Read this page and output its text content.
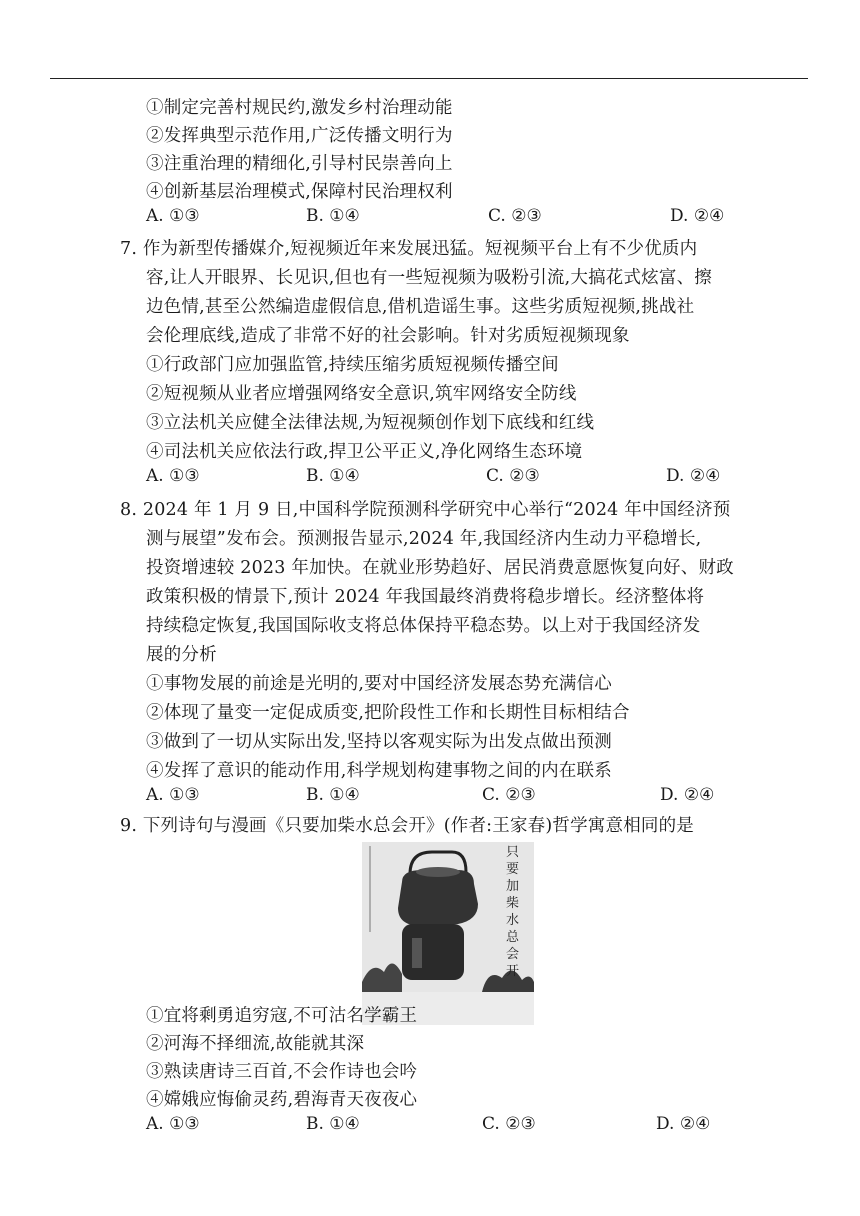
①制定完善村规民约,激发乡村治理动能
②发挥典型示范作用,广泛传播文明行为
③注重治理的精细化,引导村民崇善向上
④创新基层治理模式,保障村民治理权利
A. ①③	B. ①④	C. ②③	D. ②④
7. 作为新型传播媒介,短视频近年来发展迅猛。短视频平台上有不少优质内
容,让人开眼界、长见识,但也有一些短视频为吸粉引流,大搞花式炫富、擦
边色情,甚至公然编造虚假信息,借机造谣生事。这些劣质短视频,挑战社
会伦理底线,造成了非常不好的社会影响。针对劣质短视频现象
①行政部门应加强监管,持续压缩劣质短视频传播空间
②短视频从业者应增强网络安全意识,筑牢网络安全防线
③立法机关应健全法律法规,为短视频创作划下底线和红线
④司法机关应依法行政,捍卫公平正义,净化网络生态环境
A. ①③	B. ①④	C. ②③	D. ②④
8. 2024 年 1 月 9 日,中国科学院预测科学研究中心举行“2024 年中国经济预
测与展望”发布会。预测报告显示,2024 年,我国经济内生动力平稳增长,
投资增速较 2023 年加快。在就业形势趋好、居民消费意愿恢复向好、财政
政策积极的情景下,预计 2024 年我国最终消费将稳步增长。经济整体将
持续稳定恢复,我国国际收支将总体保持平稳态势。以上对于我国经济发
展的分析
①事物发展的前途是光明的,要对中国经济发展态势充满信心
②体现了量变一定促成质变,把阶段性工作和长期性目标相结合
③做到了一切从实际出发,坚持以客观实际为出发点做出预测
④发挥了意识的能动作用,科学规划构建事物之间的内在联系
A. ①③	B. ①④	C. ②③	D. ②④
9. 下列诗句与漫画《只要加柴水总会开》(作者:王家春)哲学寓意相同的是
只要加柴水总会开
①宜将剩勇追穷寇,不可沽名学霸王
②河海不择细流,故能就其深
③熟读唐诗三百首,不会作诗也会吟
④嫦娥应悔偷灵药,碧海青天夜夜心
A. ①③	B. ①④	C. ②③	D. ②④
